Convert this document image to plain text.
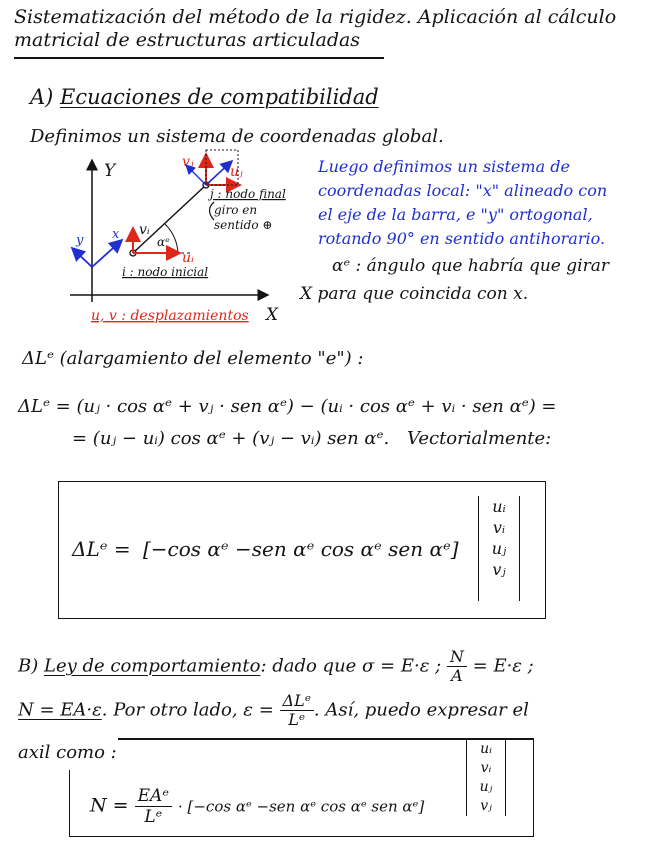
Sistematización del método de la rigidez. Aplicación al cálculo
matricial de estructuras articuladas
A) Ecuaciones de compatibilidad
Definimos un sistema de coordenadas global.
Y
X
αᵉ
uᵢ
vᵢ
uⱼ
vⱼ
x
y
j : nodo final
giro en
sentido ⊕
i : nodo inicial
u, v : desplazamientos
Luego definimos un sistema de
coordenadas local: "x" alineado con
el eje de la barra, e "y" ortogonal,
rotando 90° en sentido antihorario.
αᵉ : ángulo que habría que girar
X para que coincida con x.
ΔLᵉ (alargamiento del elemento "e") :
ΔLᵉ = (uⱼ · cos αᵉ + vⱼ · sen αᵉ) − (uᵢ · cos αᵉ + vᵢ · sen αᵉ) =
= (uⱼ − uᵢ) cos αᵉ + (vⱼ − vᵢ) sen αᵉ. Vectorialmente:
ΔLᵉ = [−cos αᵉ −sen αᵉ cos αᵉ sen αᵉ]
uᵢ
vᵢ
uⱼ
vⱼ
B) Ley de comportamiento: dado que σ = E·ε ; $\frac{N}{A} = E\cdot\varepsilon$ ;
N = EA·ε. Por otro lado, $\varepsilon = \frac{\text{ΔLᵉ}}{\text{Lᵉ}}$ . Así, puedo expresar el
axil como :
$N = \frac{\text{EAᵉ}}{\text{Lᵉ}} \cdot [-\cos$ αᵉ −sen αᵉ cos αᵉ sen αᵉ]
uᵢ
vᵢ
uⱼ
vⱼ
